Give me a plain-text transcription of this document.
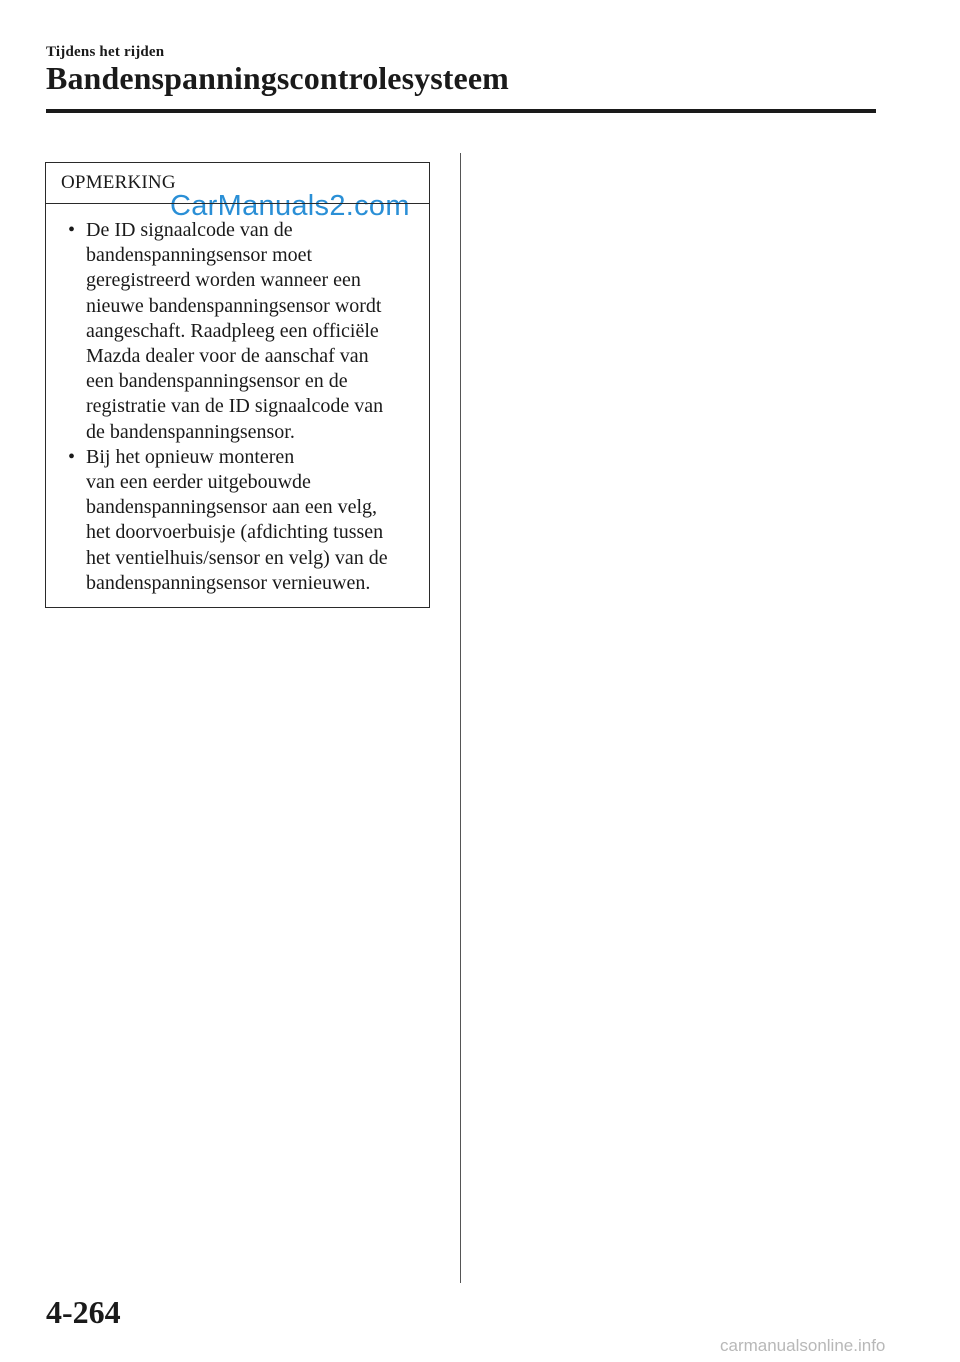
Tijdens het rijden
Bandenspanningscontrolesysteem
OPMERKING
CarManuals2.com
• De ID signaalcode van de
bandenspanningsensor moet
geregistreerd worden wanneer een
nieuwe bandenspanningsensor wordt
aangeschaft. Raadpleeg een officiële
Mazda dealer voor de aanschaf van
een bandenspanningsensor en de
registratie van de ID signaalcode van
de bandenspanningsensor.
• Bij het opnieuw monteren
van een eerder uitgebouwde
bandenspanningsensor aan een velg,
het doorvoerbuisje (afdichting tussen
het ventielhuis/sensor en velg) van de
bandenspanningsensor vernieuwen.
4-264
carmanualsonline.info
